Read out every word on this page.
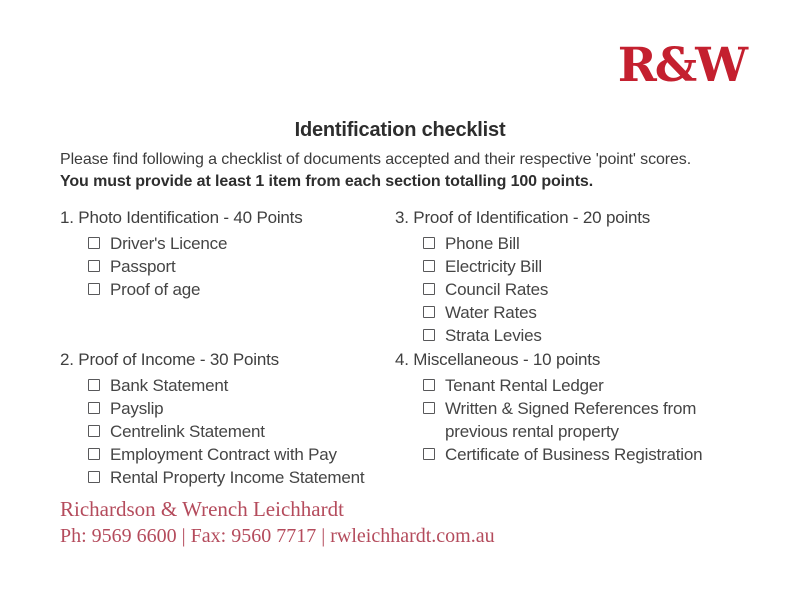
R&W
Identification checklist
Please find following a checklist of documents accepted and their respective 'point' scores.
You must provide at least 1 item from each section totalling 100 points.
1. Photo Identification - 40 Points
Driver's Licence
Passport
Proof of age
3. Proof of Identification - 20 points
Phone Bill
Electricity Bill
Council Rates
Water Rates
Strata Levies
2. Proof of Income - 30 Points
Bank Statement
Payslip
Centrelink Statement
Employment Contract with Pay
Rental Property Income Statement
4. Miscellaneous - 10 points
Tenant Rental Ledger
Written & Signed References from previous rental property
Certificate of Business Registration
Richardson & Wrench Leichhardt
Ph: 9569 6600 | Fax: 9560 7717 | rwleichhardt.com.au
